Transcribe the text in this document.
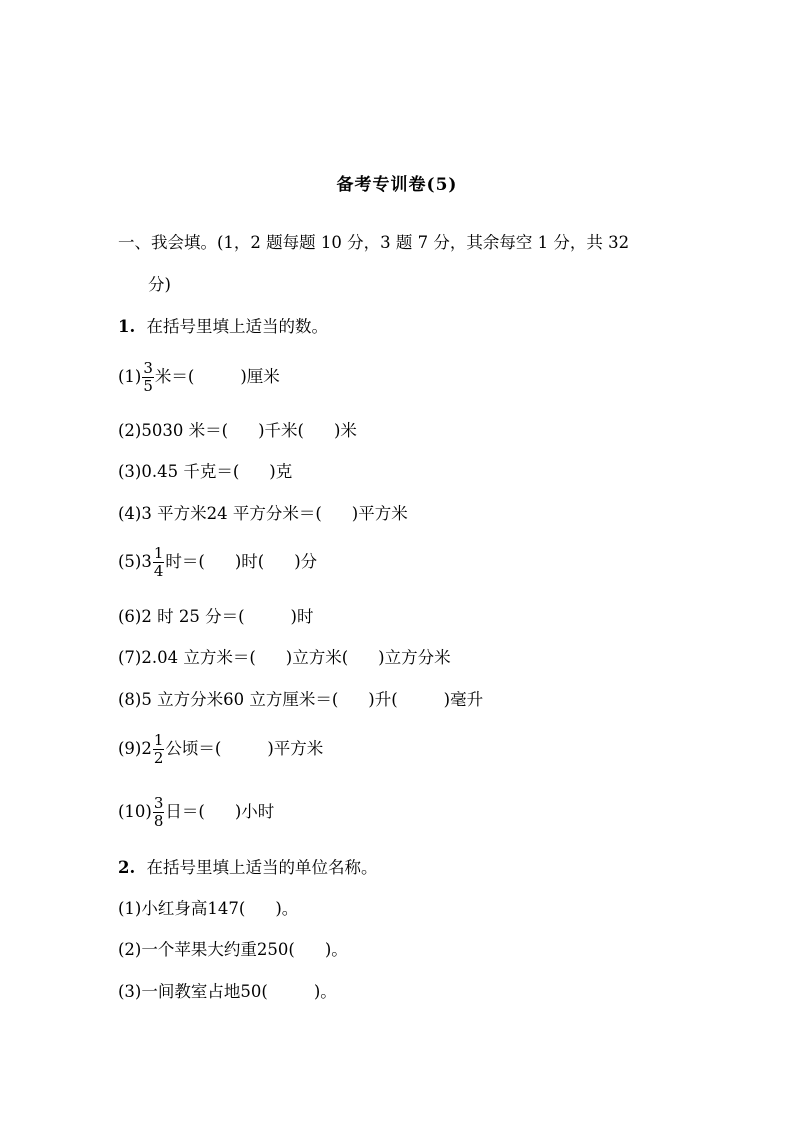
备考专训卷(5)
一、我会填。(1，2 题每题 10 分，3 题 7 分，其余每空 1 分，共 32
分)
1. 在括号里填上适当的数。
$(1) \frac{3}{5}$ 米＝(	)厘米
(2)5030 米＝( )千米( )米
(3)0.45 千克＝( )克
(4)3 平方米24 平方分米＝( )平方米
$(5)3 \frac{1}{4}$ 时＝( )时( )分
(6)2 时 25 分＝(	)时
(7)2.04 立方米＝( )立方米( )立方分米
(8)5 立方分米60 立方厘米＝( )升(	)毫升
$(9)2 \frac{1}{2}$ 公顷＝(	)平方米
$(10) \frac{3}{8}$ 日＝( )小时
2. 在括号里填上适当的单位名称。
(1)小红身高147( )。
(2)一个苹果大约重250( )。
(3)一间教室占地50(	)。
